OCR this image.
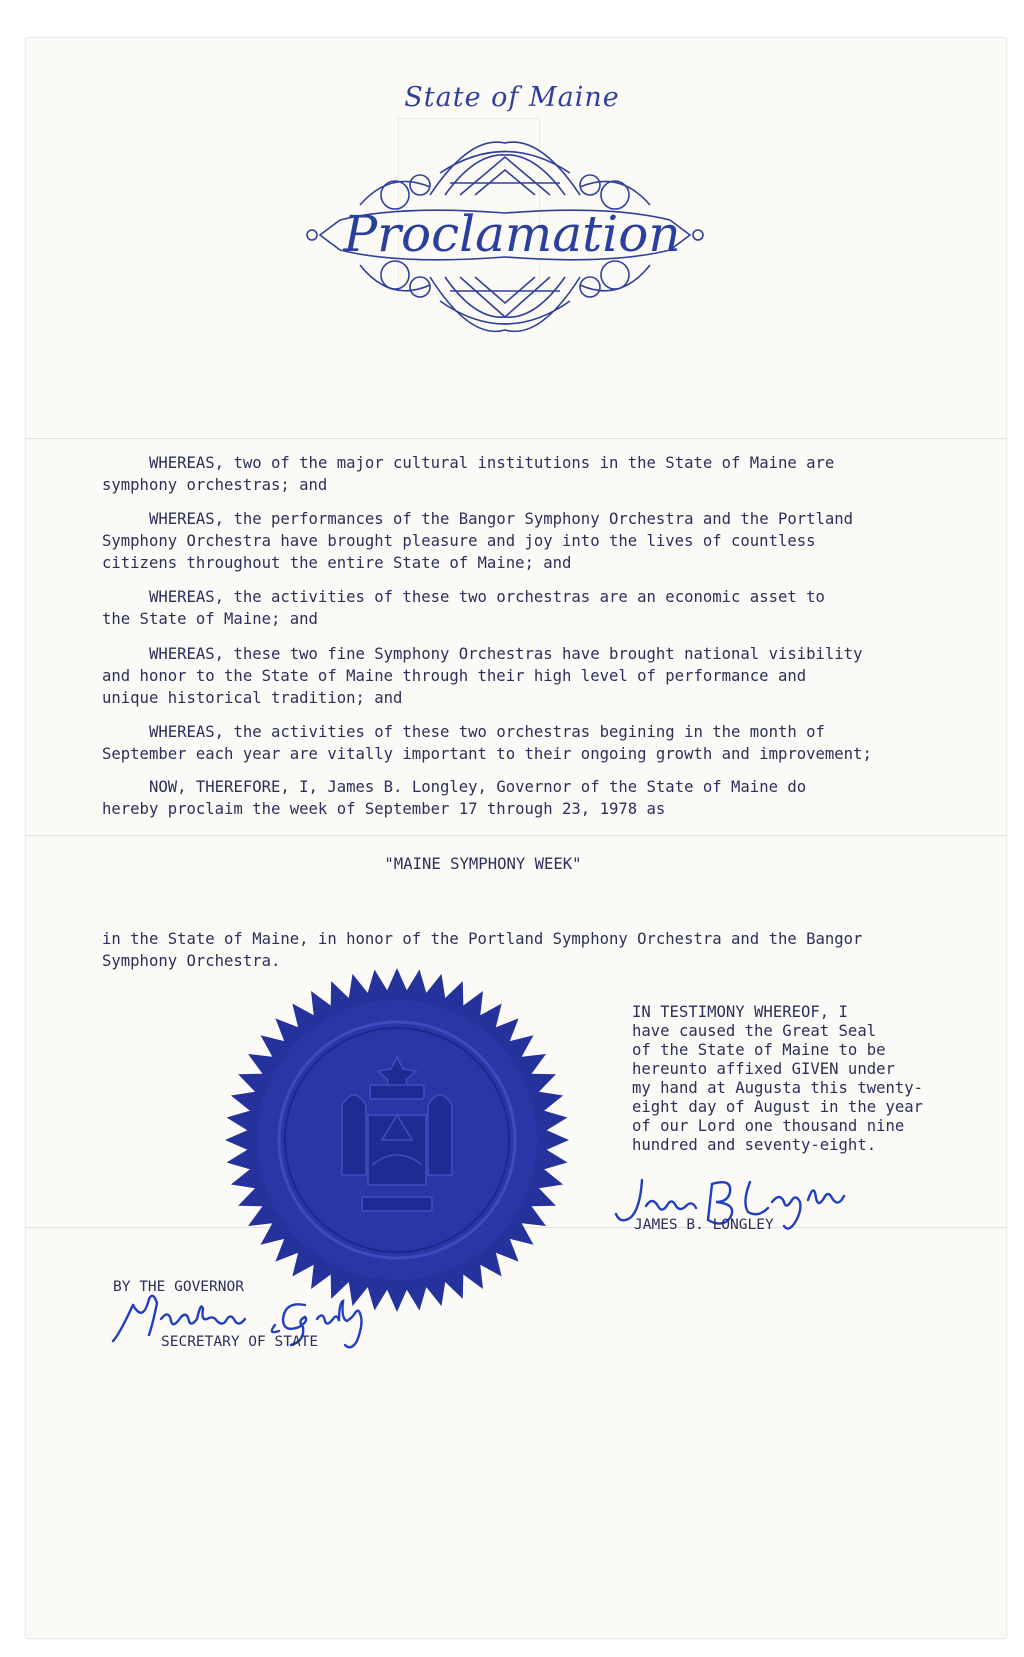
State of Maine
Proclamation
WHEREAS, two of the major cultural institutions in the State of Maine are
symphony orchestras; and
WHEREAS, the performances of the Bangor Symphony Orchestra and the Portland
Symphony Orchestra have brought pleasure and joy into the lives of countless
citizens throughout the entire State of Maine; and
WHEREAS, the activities of these two orchestras are an economic asset to
the State of Maine; and
WHEREAS, these two fine Symphony Orchestras have brought national visibility
and honor to the State of Maine through their high level of performance and
unique historical tradition; and
WHEREAS, the activities of these two orchestras begining in the month of
September each year are vitally important to their ongoing growth and improvement;
NOW, THEREFORE, I, James B. Longley, Governor of the State of Maine do
hereby proclaim the week of September 17 through 23, 1978 as
"MAINE SYMPHONY WEEK"
in the State of Maine, in honor of the Portland Symphony Orchestra and the Bangor
Symphony Orchestra.
IN TESTIMONY WHEREOF, I
have caused the Great Seal
of the State of Maine to be
hereunto affixed GIVEN under
my hand at Augusta this twenty-
eight day of August in the year
of our Lord one thousand nine
hundred and seventy-eight.
JAMES B. LONGLEY
BY THE GOVERNOR
SECRETARY OF STATE
